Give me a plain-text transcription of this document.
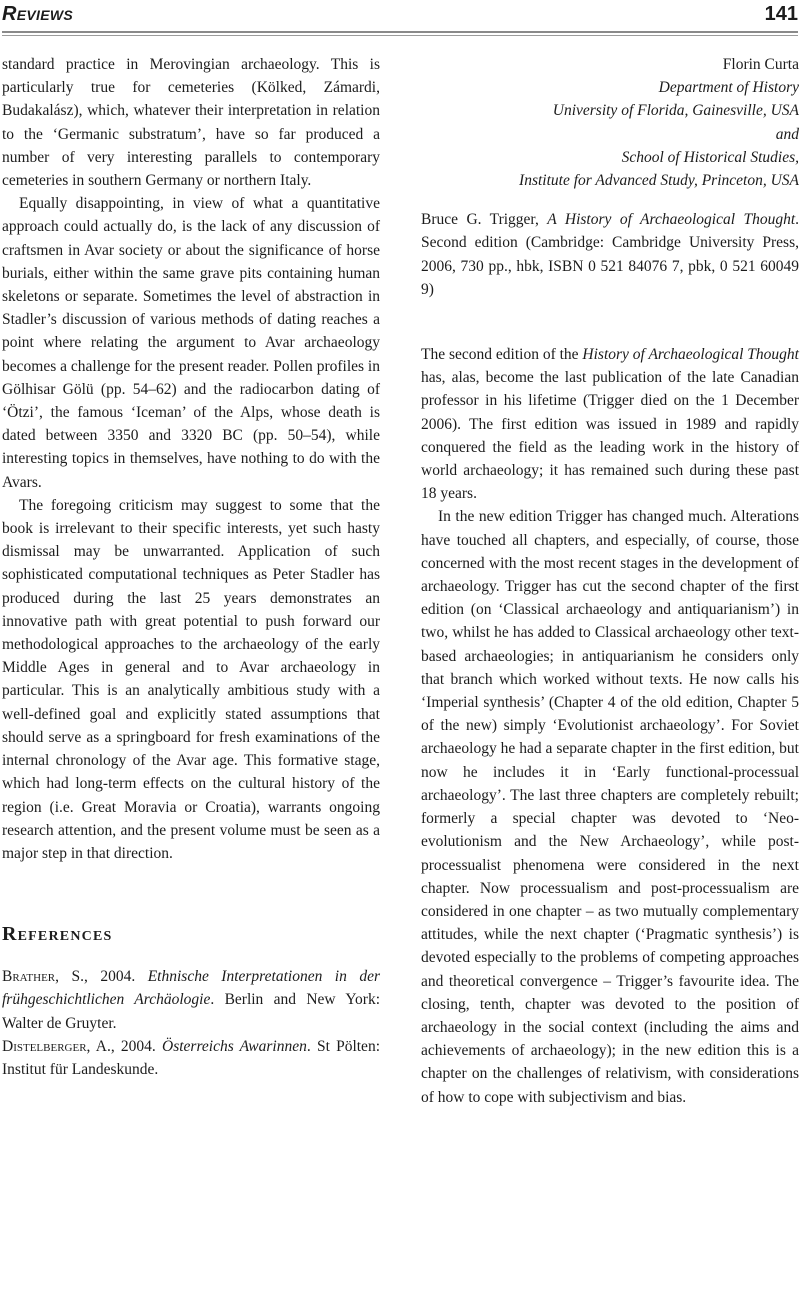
Reviews	141

standard practice in Merovingian archaeology. This is particularly true for cemeteries (Kölked, Zámardi, Budakalász), which, whatever their interpretation in relation to the ‘Germanic substratum’, have so far produced a number of very interesting parallels to contemporary cemeteries in southern Germany or northern Italy.

Equally disappointing, in view of what a quantitative approach could actually do, is the lack of any discussion of craftsmen in Avar society or about the significance of horse burials, either within the same grave pits containing human skeletons or separate. Sometimes the level of abstraction in Stadler’s discussion of various methods of dating reaches a point where relating the argument to Avar archaeology becomes a challenge for the present reader. Pollen profiles in Gölhisar Gölü (pp. 54–62) and the radiocarbon dating of ‘Ötzi’, the famous ‘Iceman’ of the Alps, whose death is dated between 3350 and 3320 BC (pp. 50–54), while interesting topics in themselves, have nothing to do with the Avars.

The foregoing criticism may suggest to some that the book is irrelevant to their specific interests, yet such hasty dismissal may be unwarranted. Application of such sophisticated computational techniques as Peter Stadler has produced during the last 25 years demonstrates an innovative path with great potential to push forward our methodological approaches to the archaeology of the early Middle Ages in general and to Avar archaeology in particular. This is an analytically ambitious study with a well-defined goal and explicitly stated assumptions that should serve as a springboard for fresh examinations of the internal chronology of the Avar age. This formative stage, which had long-term effects on the cultural history of the region (i.e. Great Moravia or Croatia), warrants ongoing research attention, and the present volume must be seen as a major step in that direction.

References

Brather, S., 2004. Ethnische Interpretationen in der frühgeschichtlichen Archäologie. Berlin and New York: Walter de Gruyter.

Distelberger, A., 2004. Österreichs Awarinnen. St Pölten: Institut für Landeskunde.

Florin Curta
Department of History
University of Florida, Gainesville, USA
and
School of Historical Studies,
Institute for Advanced Study, Princeton, USA

Bruce G. Trigger, A History of Archaeological Thought. Second edition (Cambridge: Cambridge University Press, 2006, 730 pp., hbk, ISBN 0 521 84076 7, pbk, 0 521 60049 9)

The second edition of the History of Archaeological Thought has, alas, become the last publication of the late Canadian professor in his lifetime (Trigger died on the 1 December 2006). The first edition was issued in 1989 and rapidly conquered the field as the leading work in the history of world archaeology; it has remained such during these past 18 years.

In the new edition Trigger has changed much. Alterations have touched all chapters, and especially, of course, those concerned with the most recent stages in the development of archaeology. Trigger has cut the second chapter of the first edition (on ‘Classical archaeology and antiquarianism’) in two, whilst he has added to Classical archaeology other text-based archaeologies; in antiquarianism he considers only that branch which worked without texts. He now calls his ‘Imperial synthesis’ (Chapter 4 of the old edition, Chapter 5 of the new) simply ‘Evolutionist archaeology’. For Soviet archaeology he had a separate chapter in the first edition, but now he includes it in ‘Early functional-processual archaeology’. The last three chapters are completely rebuilt; formerly a special chapter was devoted to ‘Neo-evolutionism and the New Archaeology’, while post-processualist phenomena were considered in the next chapter. Now processualism and post-processualism are considered in one chapter – as two mutually complementary attitudes, while the next chapter (‘Pragmatic synthesis’) is devoted especially to the problems of competing approaches and theoretical convergence – Trigger’s favourite idea. The closing, tenth, chapter was devoted to the position of archaeology in the social context (including the aims and achievements of archaeology); in the new edition this is a chapter on the challenges of relativism, with considerations of how to cope with subjectivism and bias.
